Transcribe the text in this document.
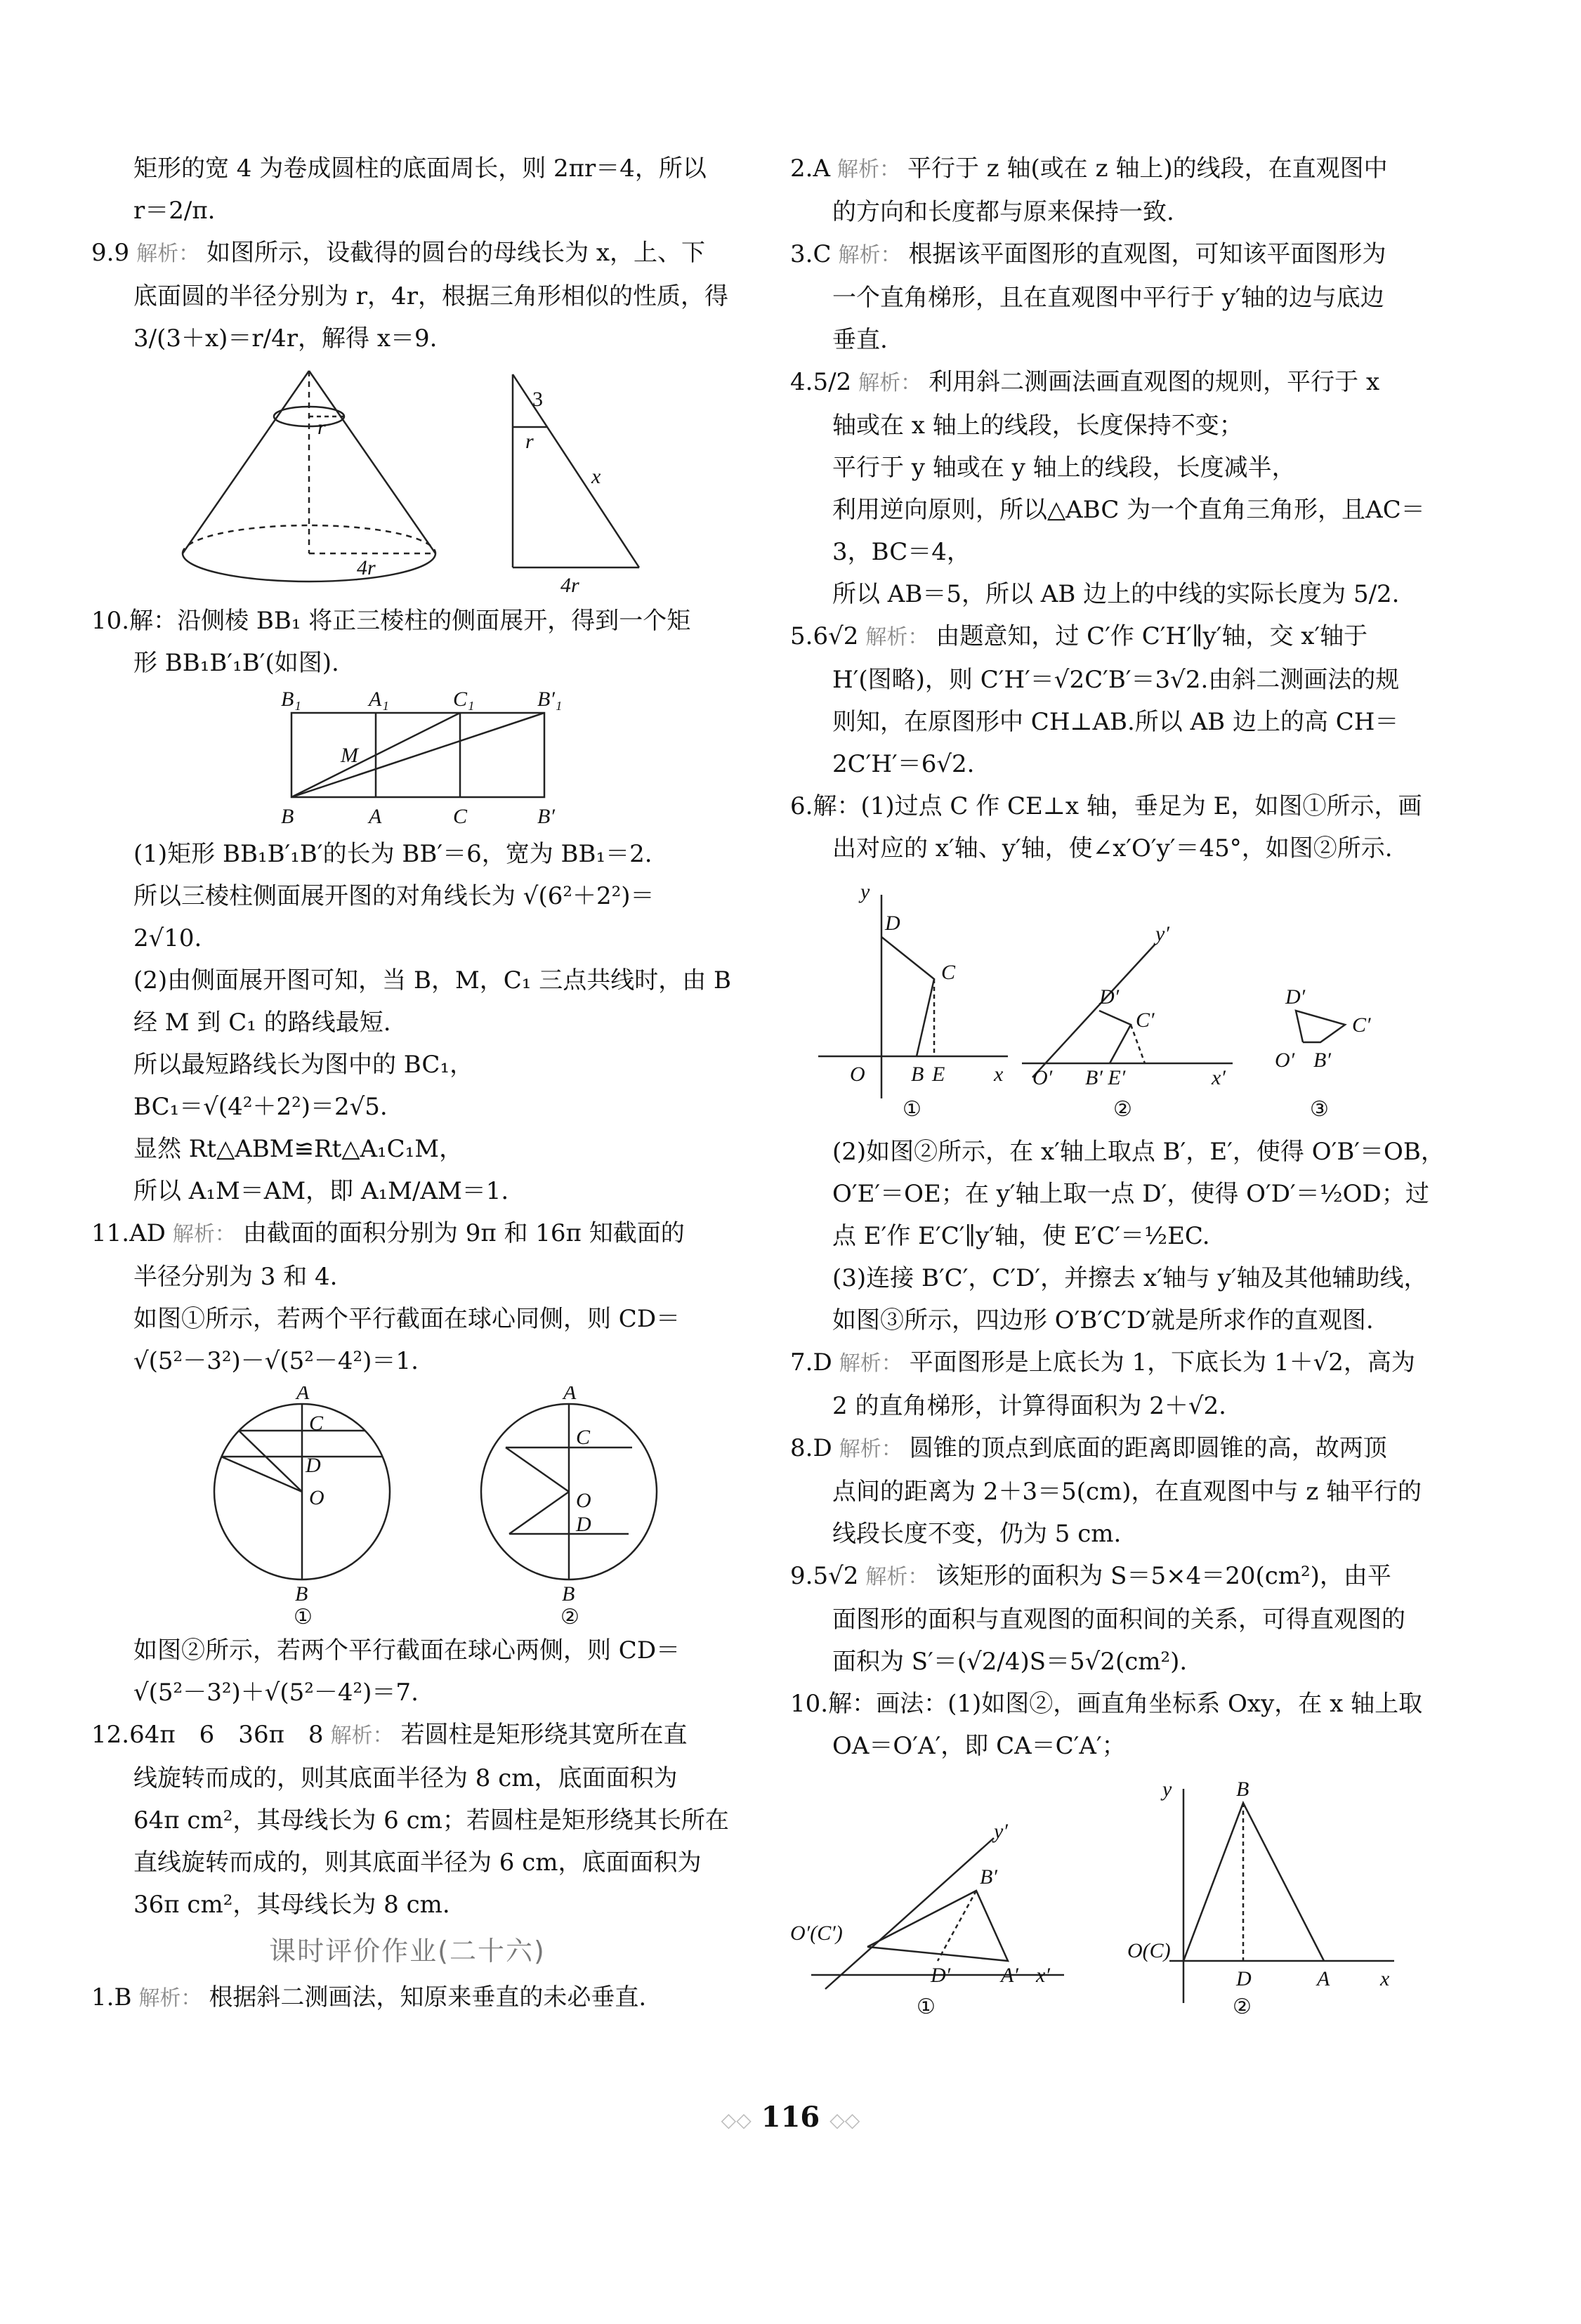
矩形的宽 4 为卷成圆柱的底面周长，则 2πr＝4，所以

r＝2/π.

9.9 解析： 如图所示，设截得的圆台的母线长为 x，上、下

底面圆的半径分别为 r，4r，根据三角形相似的性质，得

3/(3＋x)＝r/4r，解得 x＝9.

r
4r
3
r
x
4r

10.解：沿侧棱 BB₁ 将正三棱柱的侧面展开，得到一个矩

形 BB₁B′₁B′(如图).

B₁	A₁	C₁	B′₁
M
B	A	C	B′

(1)矩形 BB₁B′₁B′的长为 BB′＝6，宽为 BB₁＝2.

所以三棱柱侧面展开图的对角线长为 √(6²＋2²)＝

2√10.

(2)由侧面展开图可知，当 B，M，C₁ 三点共线时，由 B

经 M 到 C₁ 的路线最短.

所以最短路线长为图中的 BC₁，

BC₁＝√(4²＋2²)＝2√5.

显然 Rt△ABM≌Rt△A₁C₁M，

所以 A₁M＝AM，即 A₁M/AM＝1.

11.AD 解析： 由截面的面积分别为 9π 和 16π 知截面的

半径分别为 3 和 4.

如图①所示，若两个平行截面在球心同侧，则 CD＝

√(5²－3²)－√(5²－4²)＝1.

A
C
D
O
B
①
A
C
O
D
B
②

如图②所示，若两个平行截面在球心两侧，则 CD＝

√(5²－3²)＋√(5²－4²)＝7.

12.64π　6　36π　8 解析： 若圆柱是矩形绕其宽所在直

线旋转而成的，则其底面半径为 8 cm，底面面积为

64π cm²，其母线长为 6 cm；若圆柱是矩形绕其长所在

直线旋转而成的，则其底面半径为 6 cm，底面面积为

36π cm²，其母线长为 8 cm.

课时评价作业(二十六)

1.B 解析： 根据斜二测画法，知原来垂直的未必垂直.

2.A 解析： 平行于 z 轴(或在 z 轴上)的线段，在直观图中

的方向和长度都与原来保持一致.

3.C 解析： 根据该平面图形的直观图，可知该平面图形为

一个直角梯形，且在直观图中平行于 y′轴的边与底边

垂直.

4.5/2 解析： 利用斜二测画法画直观图的规则，平行于 x

轴或在 x 轴上的线段，长度保持不变；

平行于 y 轴或在 y 轴上的线段，长度减半，

利用逆向原则，所以△ABC 为一个直角三角形，且AC＝

3，BC＝4，

所以 AB＝5，所以 AB 边上的中线的实际长度为 5/2.

5.6√2 解析： 由题意知，过 C′作 C′H′∥y′轴，交 x′轴于

H′(图略)，则 C′H′＝√2C′B′＝3√2.由斜二测画法的规

则知，在原图形中 CH⊥AB.所以 AB 边上的高 CH＝

2C′H′＝6√2.

6.解：(1)过点 C 作 CE⊥x 轴，垂足为 E，如图①所示，画

出对应的 x′轴、y′轴，使∠x′O′y′＝45°，如图②所示.

y
D
C
O B E x
①
y′
D′
C′
O′ B′ E′	x′
②
D′
C′
O′ B′
③

(2)如图②所示，在 x′轴上取点 B′，E′，使得 O′B′＝OB，

O′E′＝OE；在 y′轴上取一点 D′，使得 O′D′＝½OD；过

点 E′作 E′C′∥y′轴，使 E′C′＝½EC.

(3)连接 B′C′，C′D′，并擦去 x′轴与 y′轴及其他辅助线，

如图③所示，四边形 O′B′C′D′就是所求作的直观图.

7.D 解析： 平面图形是上底长为 1，下底长为 1＋√2，高为

2 的直角梯形，计算得面积为 2＋√2.

8.D 解析： 圆锥的顶点到底面的距离即圆锥的高，故两顶

点间的距离为 2＋3＝5(cm)，在直观图中与 z 轴平行的

线段长度不变，仍为 5 cm.

9.5√2 解析： 该矩形的面积为 S＝5×4＝20(cm²)，由平

面图形的面积与直观图的面积间的关系，可得直观图的

面积为 S′＝(√2/4)S＝5√2(cm²).

10.解：画法：(1)如图②，画直角坐标系 Oxy，在 x 轴上取

OA＝O′A′，即 CA＝C′A′；

y′
B′
O′(C′)
D′ A′ x′
①
y	B
O(C)
D	A x
②
◇◇ 116 ◇◇
